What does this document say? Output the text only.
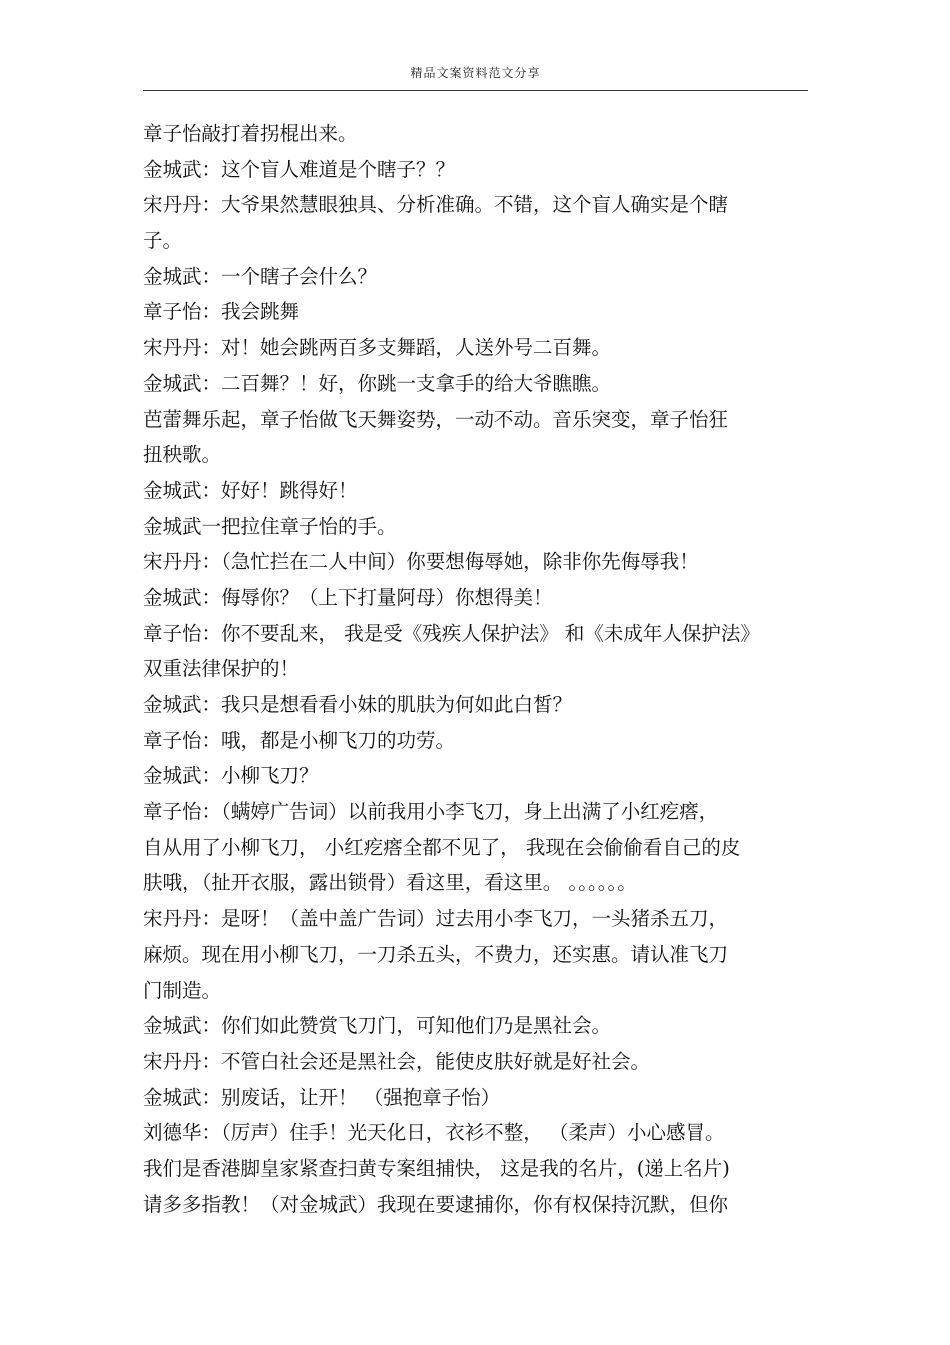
精品文案资料范文分享
章子怡敲打着拐棍出来。
金城武：这个盲人难道是个瞎子？？
宋丹丹：大爷果然慧眼独具、分析准确。不错，这个盲人确实是个瞎
子。
金城武：一个瞎子会什么？
章子怡：我会跳舞
宋丹丹：对！她会跳两百多支舞蹈，人送外号二百舞。
金城武：二百舞？！好，你跳一支拿手的给大爷瞧瞧。
芭蕾舞乐起，章子怡做飞天舞姿势，一动不动。音乐突变，章子怡狂
扭秧歌。
金城武：好好！跳得好！
金城武一把拉住章子怡的手。
宋丹丹：（急忙拦在二人中间）你要想侮辱她，除非你先侮辱我！
金城武：侮辱你？（上下打量阿母）你想得美！
章子怡：你不要乱来， 我是受《残疾人保护法》 和《未成年人保护法》
双重法律保护的！
金城武：我只是想看看小妹的肌肤为何如此白皙？
章子怡：哦，都是小柳飞刀的功劳。
金城武：小柳飞刀？
章子怡：（螨婷广告词）以前我用小李飞刀，身上出满了小红疙瘩，
自从用了小柳飞刀， 小红疙瘩全都不见了， 我现在会偷偷看自己的皮
肤哦，（扯开衣服，露出锁骨）看这里，看这里。 。。。。。。
宋丹丹：是呀！（盖中盖广告词）过去用小李飞刀，一头猪杀五刀，
麻烦。现在用小柳飞刀，一刀杀五头，不费力，还实惠。请认准飞刀
门制造。
金城武：你们如此赞赏飞刀门，可知他们乃是黑社会。
宋丹丹：不管白社会还是黑社会，能使皮肤好就是好社会。
金城武：别废话，让开！ （强抱章子怡）
刘德华：（厉声）住手！光天化日，衣衫不整， （柔声）小心感冒。
我们是香港脚皇家紧查扫黄专案组捕快， 这是我的名片，(递上名片)
请多多指教！（对金城武）我现在要逮捕你，你有权保持沉默，但你
